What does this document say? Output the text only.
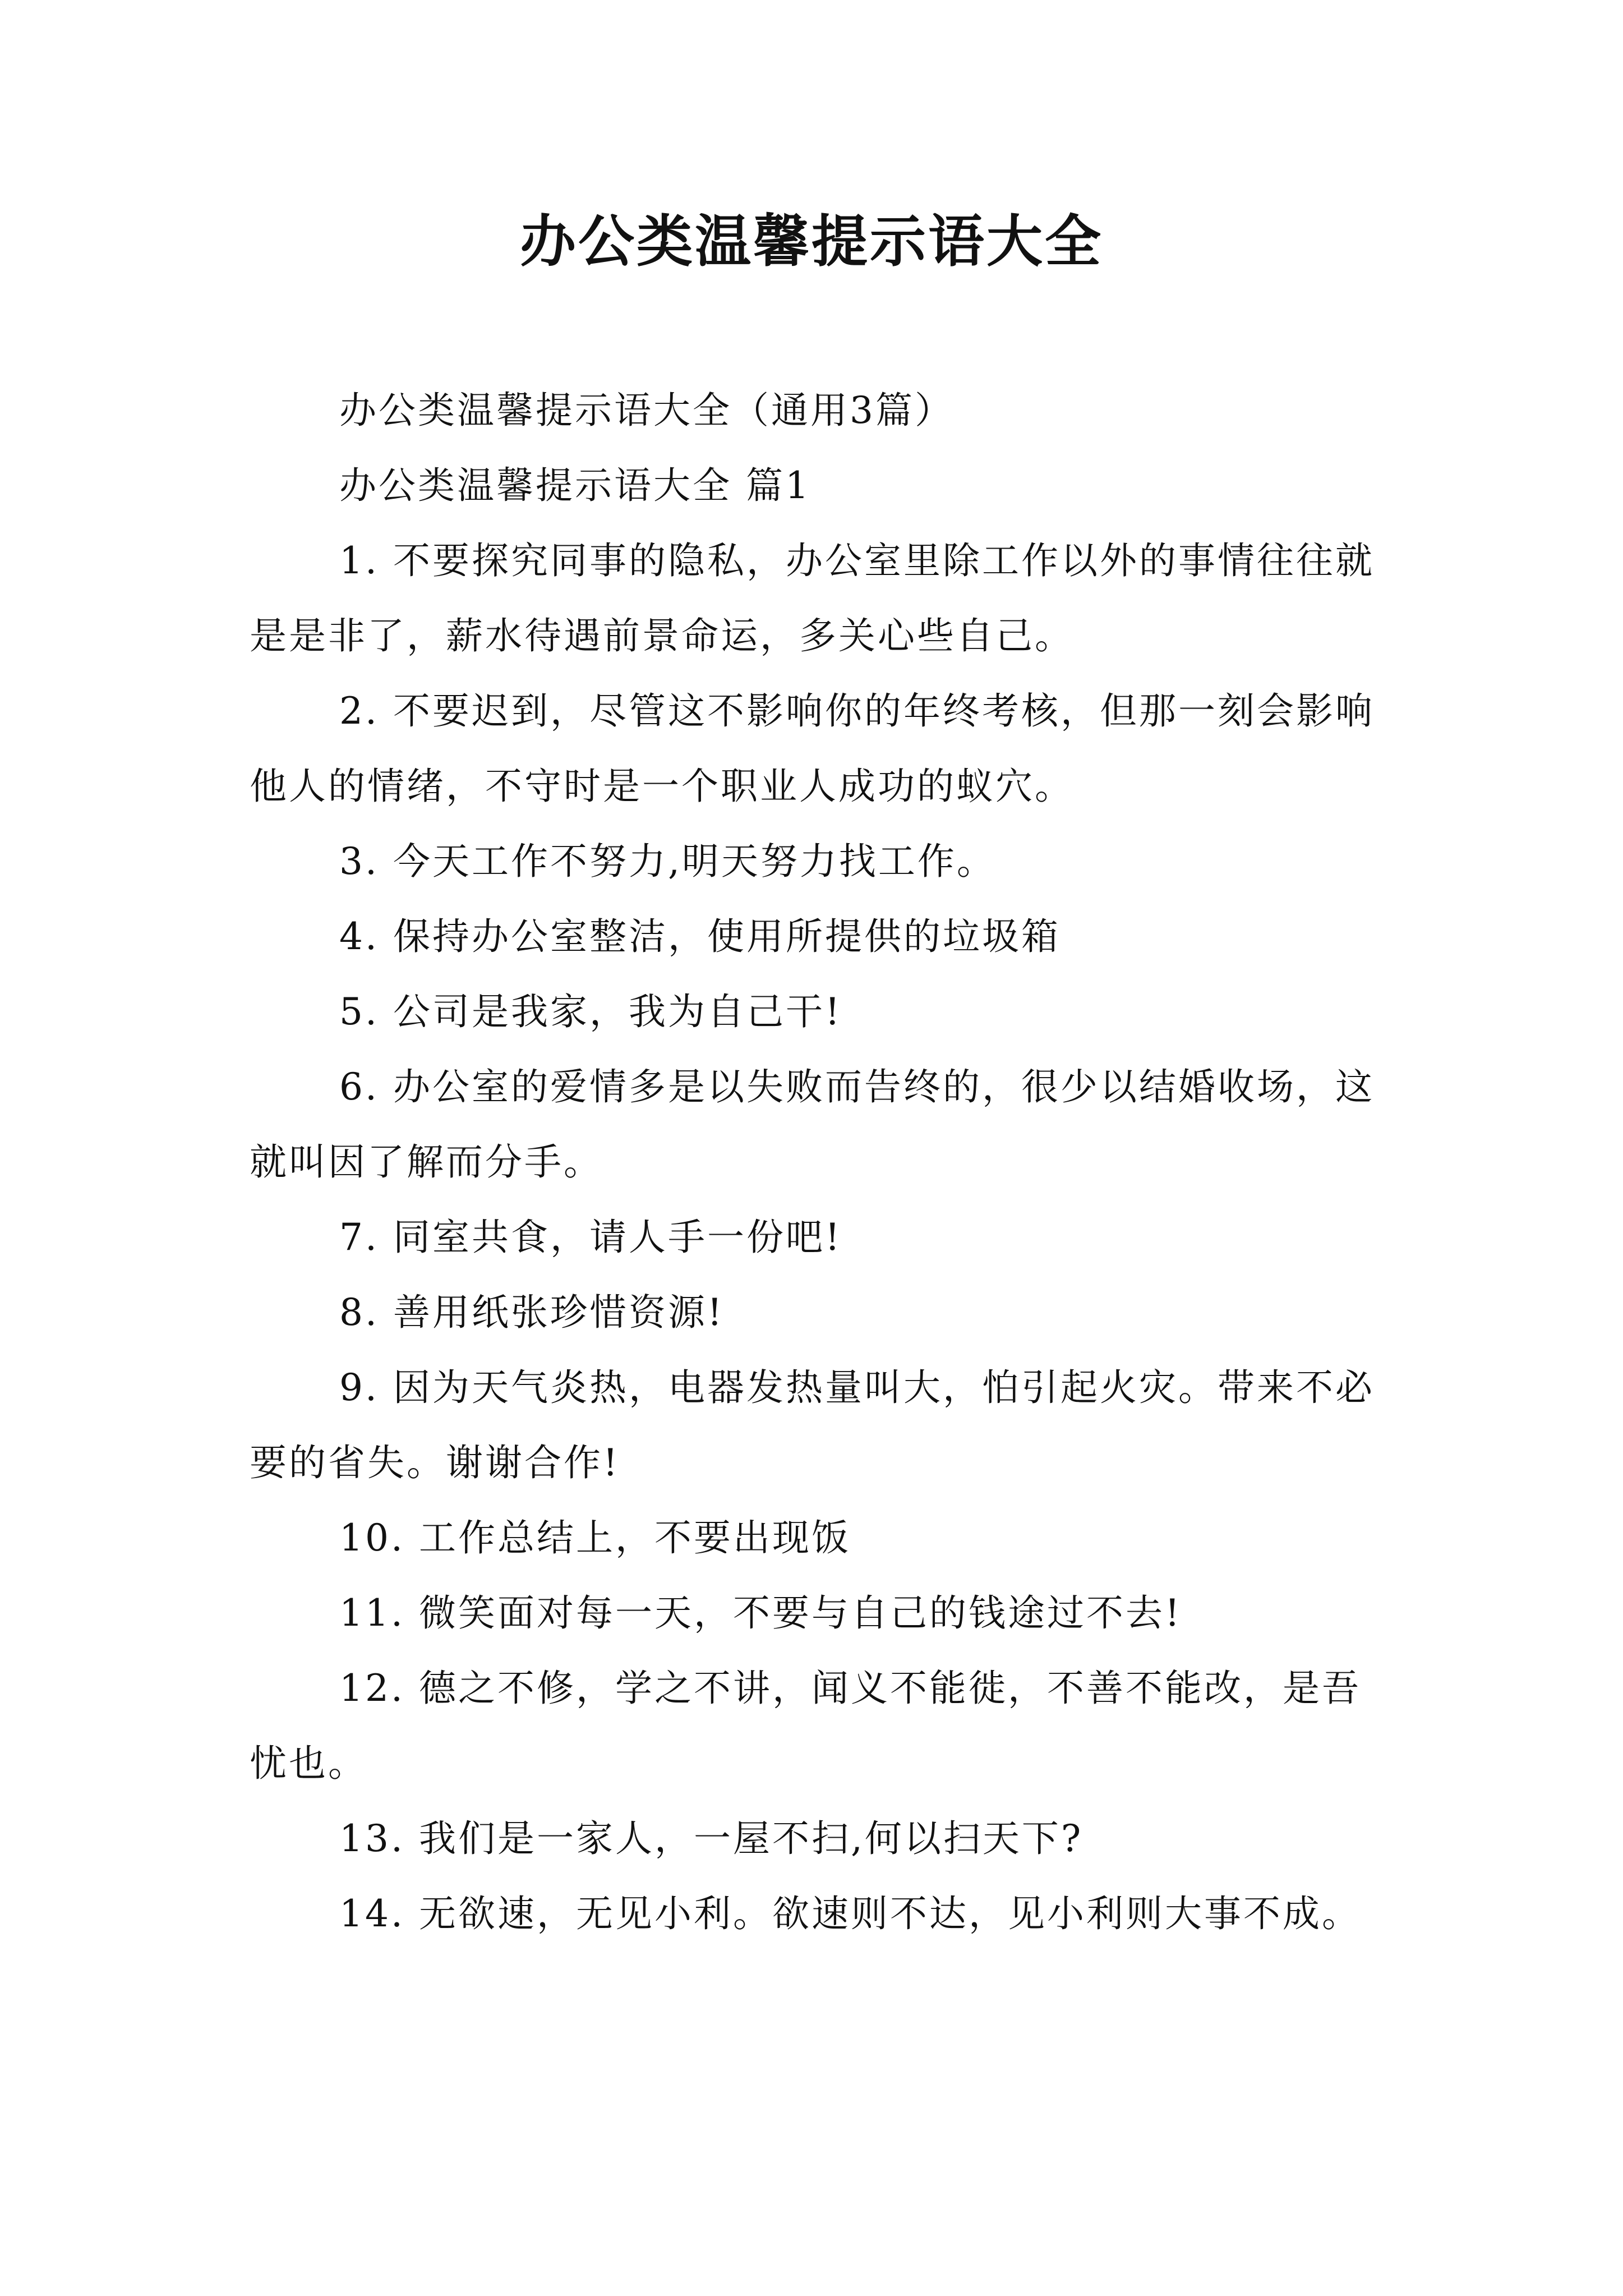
办公类温馨提示语大全

办公类温馨提示语大全（通用3篇）

办公类温馨提示语大全 篇1

1. 不要探究同事的隐私，办公室里除工作以外的事情往往就是是非了，薪水待遇前景命运，多关心些自己。

2. 不要迟到，尽管这不影响你的年终考核，但那一刻会影响他人的情绪，不守时是一个职业人成功的蚁穴。

3. 今天工作不努力,明天努力找工作。

4. 保持办公室整洁，使用所提供的垃圾箱

5. 公司是我家，我为自己干!

6. 办公室的爱情多是以失败而告终的，很少以结婚收场，这就叫因了解而分手。

7. 同室共食，请人手一份吧!

8. 善用纸张珍惜资源!

9. 因为天气炎热，电器发热量叫大，怕引起火灾。带来不必要的省失。谢谢合作!

10. 工作总结上，不要出现饭

11. 微笑面对每一天，不要与自己的钱途过不去!

12. 德之不修，学之不讲，闻义不能徙，不善不能改，是吾忧也。

13. 我们是一家人，一屋不扫,何以扫天下?

14. 无欲速，无见小利。欲速则不达，见小利则大事不成。
